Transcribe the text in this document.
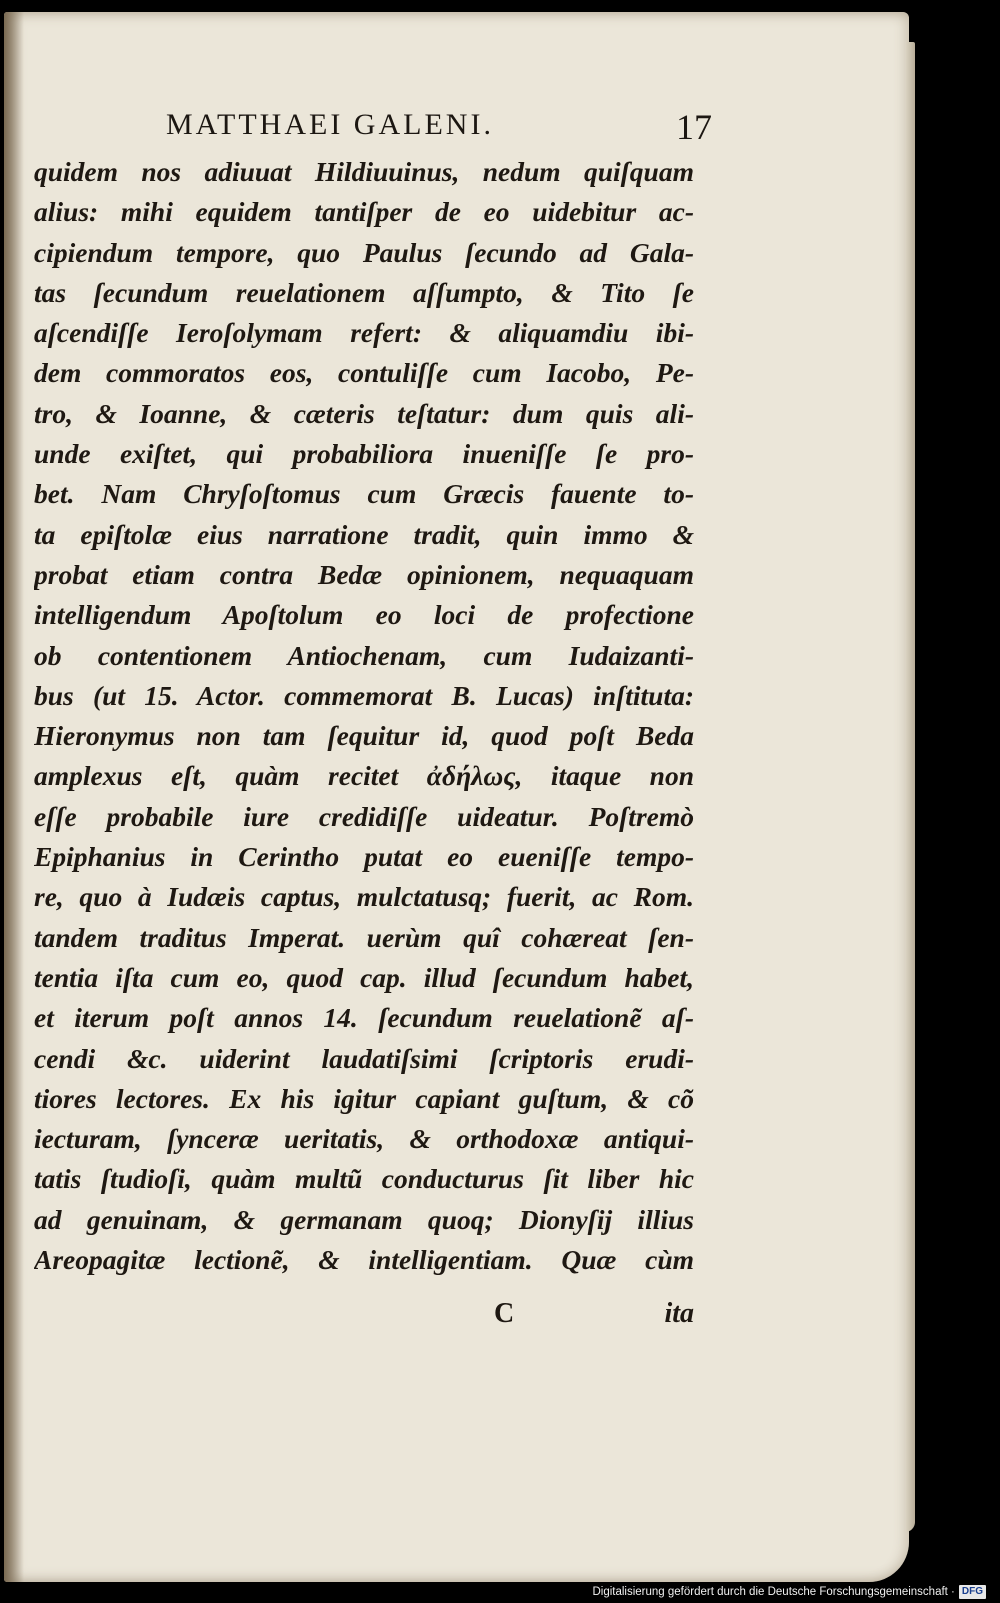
MATTHAEI GALENI.	17
quidem nos adiuuat Hildiuuinus, nedum quiſquam
alius: mihi equidem tantiſper de eo uidebitur ac-
cipiendum tempore, quo Paulus ſecundo ad Gala-
tas ſecundum reuelationem aſſumpto, & Tito ſe
aſcendiſſe Ieroſolymam refert: & aliquamdiu ibi-
dem commoratos eos, contuliſſe cum Iacobo, Pe-
tro, & Ioanne, & cæteris teſtatur: dum quis ali-
unde exiſtet, qui probabiliora inueniſſe ſe pro-
bet. Nam Chryſoſtomus cum Græcis fauente to-
ta epiſtolæ eius narratione tradit, quin immo &
probat etiam contra Bedæ opinionem, nequaquam
intelligendum Apoſtolum eo loci de profectione
ob contentionem Antiochenam, cum Iudaizanti-
bus (ut 15. Actor. commemorat B. Lucas) inſtituta:
Hieronymus non tam ſequitur id, quod poſt Beda
amplexus eſt, quàm recitet ἀδήλως, itaque non
eſſe probabile iure credidiſſe uideatur. Poſtremò
Epiphanius in Cerintho putat eo eueniſſe tempo-
re, quo à Iudæis captus, mulctatusq; fuerit, ac Rom.
tandem traditus Imperat. uerùm quî cohæreat ſen-
tentia iſta cum eo, quod cap. illud ſecundum habet,
et iterum poſt annos 14. ſecundum reuelationẽ aſ-
cendi &c. uiderint laudatiſsimi ſcriptoris erudi-
tiores lectores. Ex his igitur capiant guſtum, & cõ
iecturam, ſynceræ ueritatis, & orthodoxæ antiqui-
tatis ſtudioſi, quàm multũ conducturus ſit liber hic
ad genuinam, & germanam quoq; Dionyſij illius
Areopagitæ lectionẽ, & intelligentiam. Quæ cùm
C	ita
Digitalisierung gefördert durch die Deutsche Forschungsgemeinschaft · DFG
